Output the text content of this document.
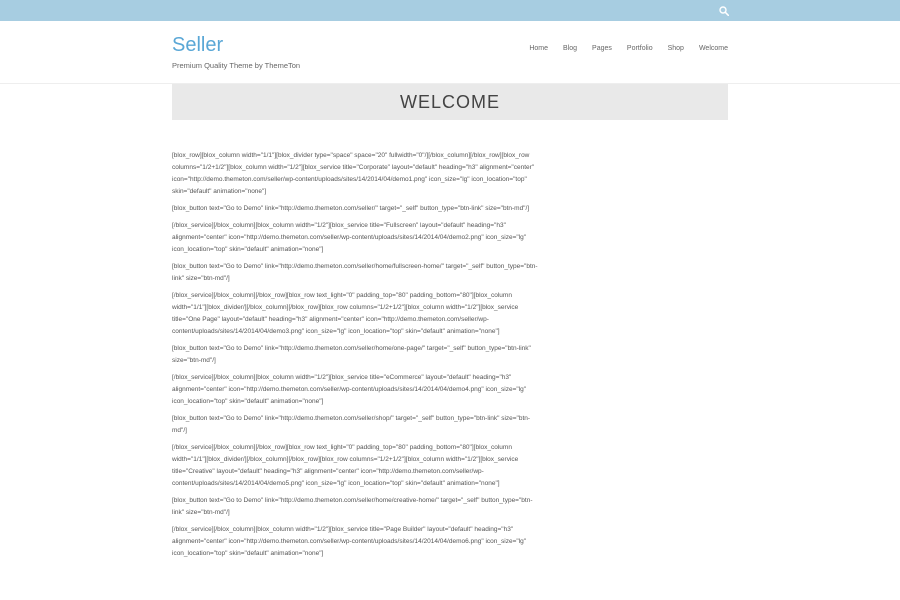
Seller
Premium Quality Theme by ThemeTon
Home Blog Pages Portfolio Shop Welcome
WELCOME

[blox_row][blox_column width="1/1"][blox_divider type="space" space="20" fullwidth="0"/][/blox_column][/blox_row][blox_row columns="1/2+1/2"][blox_column width="1/2"][blox_service title="Corporate" layout="default" heading="h3" alignment="center" icon="http://demo.themeton.com/seller/wp-content/uploads/sites/14/2014/04/demo1.png" icon_size="lg" icon_location="top" skin="default" animation="none"]

[blox_button text="Go to Demo" link="http://demo.themeton.com/seller/" target="_self" button_type="btn-link" size="btn-md"/]

[/blox_service][/blox_column][blox_column width="1/2"][blox_service title="Fullscreen" layout="default" heading="h3" alignment="center" icon="http://demo.themeton.com/seller/wp-content/uploads/sites/14/2014/04/demo2.png" icon_size="lg" icon_location="top" skin="default" animation="none"]

[blox_button text="Go to Demo" link="http://demo.themeton.com/seller/home/fullscreen-home/" target="_self" button_type="btn-link" size="btn-md"/]

[/blox_service][/blox_column][/blox_row][blox_row text_light="0" padding_top="80" padding_bottom="80"][blox_column width="1/1"][blox_divider/][/blox_column][/blox_row][blox_row columns="1/2+1/2"][blox_column width="1/2"][blox_service title="One Page" layout="default" heading="h3" alignment="center" icon="http://demo.themeton.com/seller/wp-content/uploads/sites/14/2014/04/demo3.png" icon_size="lg" icon_location="top" skin="default" animation="none"]

[blox_button text="Go to Demo" link="http://demo.themeton.com/seller/home/one-page/" target="_self" button_type="btn-link" size="btn-md"/]

[/blox_service][/blox_column][blox_column width="1/2"][blox_service title="eCommerce" layout="default" heading="h3" alignment="center" icon="http://demo.themeton.com/seller/wp-content/uploads/sites/14/2014/04/demo4.png" icon_size="lg" icon_location="top" skin="default" animation="none"]

[blox_button text="Go to Demo" link="http://demo.themeton.com/seller/shop/" target="_self" button_type="btn-link" size="btn-md"/]

[/blox_service][/blox_column][/blox_row][blox_row text_light="0" padding_top="80" padding_bottom="80"][blox_column width="1/1"][blox_divider/][/blox_column][/blox_row][blox_row columns="1/2+1/2"][blox_column width="1/2"][blox_service title="Creative" layout="default" heading="h3" alignment="center" icon="http://demo.themeton.com/seller/wp-content/uploads/sites/14/2014/04/demo5.png" icon_size="lg" icon_location="top" skin="default" animation="none"]

[blox_button text="Go to Demo" link="http://demo.themeton.com/seller/home/creative-home/" target="_self" button_type="btn-link" size="btn-md"/]

[/blox_service][/blox_column][blox_column width="1/2"][blox_service title="Page Builder" layout="default" heading="h3" alignment="center" icon="http://demo.themeton.com/seller/wp-content/uploads/sites/14/2014/04/demo6.png" icon_size="lg" icon_location="top" skin="default" animation="none"]
